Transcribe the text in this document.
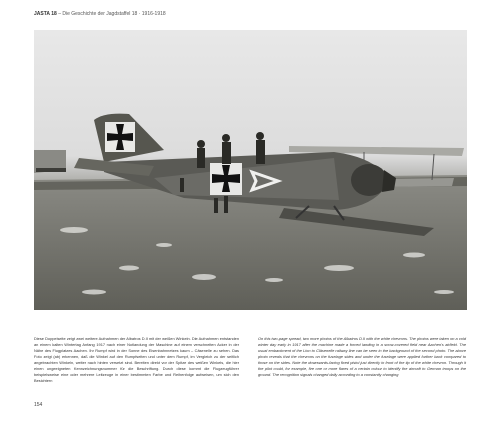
JASTA 18 – Die Geschichte der Jagdstaffel 18 · 1916-1918
Diese Doppelseite zeigt zwei weitere Aufnahmen der Albatros D.II mit der weißen Winkeln. Die Aufnahmen entstanden an einem kalten Wintertag Anfang 1917 nach einer Notlandung der Maschine auf einem verschneiten Acker in der Nähe des Flugplatzes Aachen. Ihr Rumpf wird in der Sonne des Eisenbahnnetzes kaum – Cäsenelle zu sehen. Das Foto zeigt (ab) erkennen, daß die Winkel auf den Rumpfseiten und unter dem Rumpf, im Vergleich zu der seitlich angebrachten Winkeln, weiter nach hinten versetzt sind. Bereiten direkt vor der Spitze des weißen Winkels, die hier einen ungeeigneten Kennzeichnungsnummer für die Beschriftung. Durch diese kommt die Flugzeugführer beispielsweise eine oder mehrere Leitzeuge in einer bestimmten Farbe und Reihenfolge aufweisen, um sich den Besichtern
On this two-page spread, two more photos of the Albatros D.II with the white chevrons. The photos were taken on a cold winter day early in 1917 after the machine made a forced landing in a snow-covered field near Aachen's airfield. The usual embankment of the Lion to Cläsenelle railway line can be seen in the background of the second photo. The above photo reveals that the chevrons on the fuselage sides and under the fuselage were applied further back compared to those on the sides. Note the downwards-facing fixed pistol just directly in front of the tip of the white chevron. Through it the pilot could, for example, fire one or more flares of a certain colour to identify the aircraft to German troops on the ground. The recognition signals changed daily according to a constantly changing
154
